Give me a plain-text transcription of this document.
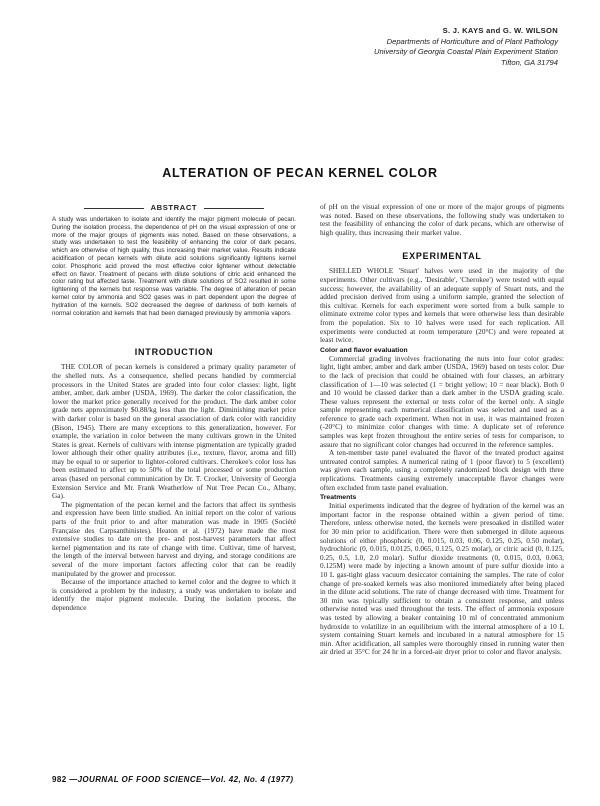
S. J. KAYS and G. W. WILSON
Departments of Horticulture and of Plant Pathology
University of Georgia Coastal Plain Experiment Station
Tifton, GA 31794
ALTERATION OF PECAN KERNEL COLOR
ABSTRACT

A study was undertaken to isolate and identify the major pigment molecule of pecan. During the isolation process, the dependence of pH on the visual expression of one or more of the major groups of pigments was noted. Based on these observations, a study was undertaken to test the feasibility of enhancing the color of dark pecans, which are otherwise of high quality, thus increasing their market value. Results indicate acidification of pecan kernels with dilute acid solutions significantly lightens kernel color. Phosphoric acid proved the most effective color lightener without detectable effect on flavor. Treatment of pecans with dilute solutions of citric acid enhanced the color rating but affected taste. Treatment with dilute solutions of SO2 resulted in some lightening of the kernels but response was variable. The degree of alteration of pecan kernel color by ammonia and SO2 gases was in part dependent upon the degree of hydration of the kernels. SO2 decreased the degree of darkness of both kernels of normal coloration and kernels that had been damaged previously by ammonia vapors.

INTRODUCTION

THE COLOR of pecan kernels is considered a primary quality parameter of the shelled nuts. As a consequence, shelled pecans handled by commercial processors in the United States are graded into four color classes: light, light amber, amber, dark amber (USDA, 1969). The darker the color classification, the lower the market price generally received for the product. The dark amber color grade nets approximately $0.88/kg less than the light. Diminishing market price with darker color is based on the general association of dark color with rancidity (Bison, 1945). There are many exceptions to this generalization, however. For example, the variation in color between the many cultivars grown in the United States is great. Kernels of cultivars with intense pigmentation are typically graded lower although their other quality attributes (i.e., texture, flavor, aroma and fill) may be equal to or superior to lighter-colored cultivars. Cherokee's color loss has been estimated to affect up to 50% of the total processed or some production areas (based on personal communication by Dr. T. Crocker, University of Georgia Extension Service and Mr. Frank Weatherlow of Nut Tree Pecan Co., Albany, Ga).

The pigmentation of the pecan kernel and the factors that affect its synthesis and expression have been little studied. An initial report on the color of various parts of the fruit prior to and after maturation was made in 1905 (Société Française des Carpsanthinistes). Heaton et al. (1972) have made the most extensive studies to date on the pre- and post-harvest parameters that affect kernel pigmentation and its rate of change with time. Cultivar, time of harvest, the length of the interval between harvest and drying, and storage conditions are several of the more important factors affecting color that can be readily manipulated by the grower and processor.

Because of the importance attached to kernel color and the degree to which it is considered a problem by the industry, a study was undertaken to isolate and identify the major pigment molecule. During the isolation process, the dependence

of pH on the visual expression of one or more of the major groups of pigments was noted. Based on these observations, the following study was undertaken to test the feasibility of enhancing the color of dark pecans, which are otherwise of high quality, thus increasing their market value.

EXPERIMENTAL

SHELLED WHOLE 'Stuart' halves were used in the majority of the experiments. Other cultivars (e.g., 'Desirable', 'Cherokee') were tested with equal success; however, the availability of an adequate supply of Stuart nuts, and the added precision derived from using a uniform sample, granted the selection of this cultivar. Kernels for each experiment were sorted from a bulk sample to eliminate extreme color types and kernels that were otherwise less than desirable from the population. Six to 10 halves were used for each replication. All experiments were conducted at room temperature (20°C) and were repeated at least twice.

Color and flavor evaluation

Commercial grading involves fractionating the nuts into four color grades: light, light amber, amber and dark amber (USDA, 1969) based on tests color. Due to the lack of precision that could be obtained with four classes, an arbitrary classification of 1—10 was selected (1 = bright yellow; 10 = near black). Both 0 and 10 would be classed darker than a dark amber in the USDA grading scale. These values represent the external or tests color of the kernel only. A single sample representing each numerical classification was selected and used as a reference to grade each experiment. When not in use, it was maintained frozen (-20°C) to minimize color changes with time. A duplicate set of reference samples was kept frozen throughout the entire series of tests for comparison, to assure that no significant color changes had occurred in the reference samples.

A ten-member taste panel evaluated the flavor of the treated product against untreated control samples. A numerical rating of 1 (poor flavor) to 5 (excellent) was given each sample, using a completely randomized block design with three replications. Treatments causing extremely unacceptable flavor changes were often excluded from taste panel evaluation.

Treatments

Initial experiments indicated that the degree of hydration of the kernel was an important factor in the response obtained within a given period of time. Therefore, unless otherwise noted, the kernels were presoaked in distilled water for 30 min prior to acidification. There were then submerged in dilute aqueous solutions of either phosphoric (0, 0.015, 0.03, 0.06, 0.125, 0.25, 0.50 molar), hydrochloric (0, 0.015, 0.0125, 0.065, 0.125, 0.25 molar), or citric acid (0, 0.125, 0.25, 0.5, 1.0, 2.0 molar). Sulfur dioxide treatments (0, 0.015, 0.03, 0.063, 0.125M) were made by injecting a known amount of pure sulfur dioxide into a 10 L gas-tight glass vacuum desiccator containing the samples. The rate of color change of pre-soaked kernels was also monitored immediately after being placed in the dilute acid solutions. The rate of change decreased with time. Treatment for 30 min was typically sufficient to obtain a consistent response, and unless otherwise noted was used throughout the tests. The effect of ammonia exposure was tested by allowing a beaker containing 10 ml of concentrated ammonium hydroxide to volatilize in an equilibrium with the internal atmosphere of a 10 L system containing Stuart kernels and incubated in a natural atmosphere for 15 min. After acidification, all samples were thoroughly rinsed in running water then air dried at 35°C for 24 hr in a forced-air dryer prior to color and flavor analysis.

982 —JOURNAL OF FOOD SCIENCE—Vol. 42, No. 4 (1977)
